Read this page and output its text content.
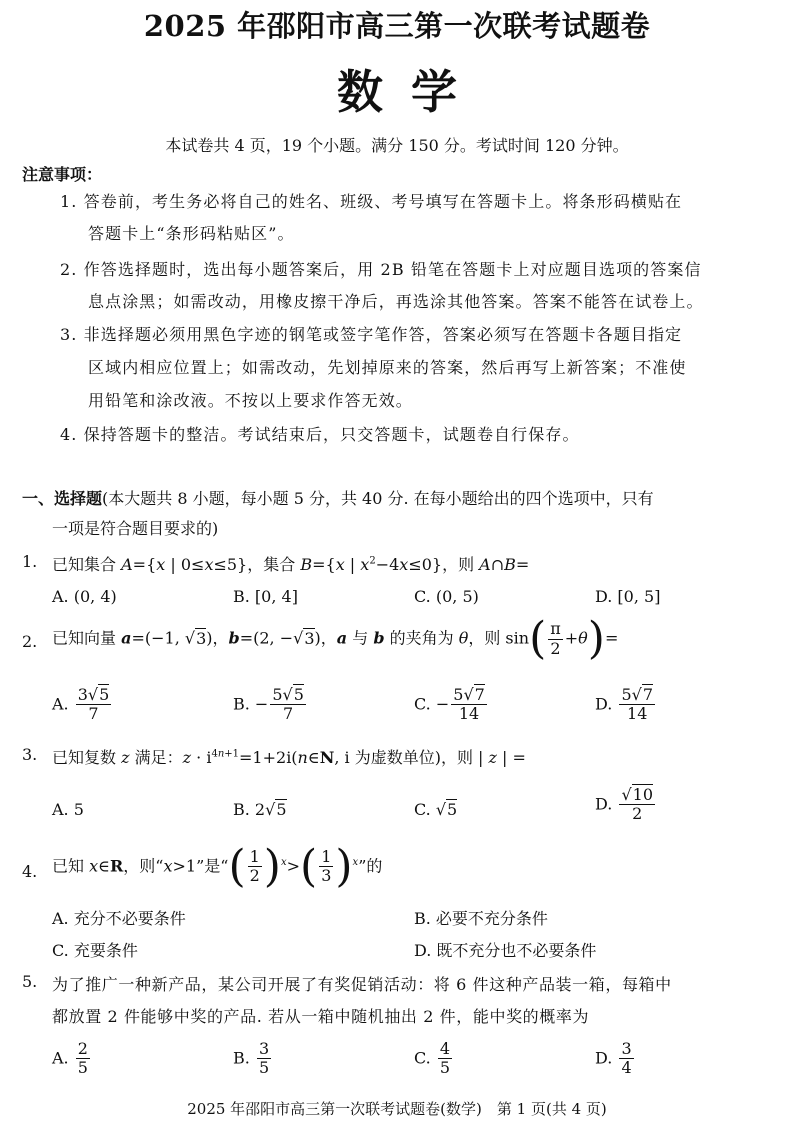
2025 年邵阳市高三第一次联考试题卷
数学
本试卷共 4 页，19 个小题。满分 150 分。考试时间 120 分钟。
注意事项：
1. 答卷前，考生务必将自己的姓名、班级、考号填写在答题卡上。将条形码横贴在
答题卡上“条形码粘贴区”。
2. 作答选择题时，选出每小题答案后，用 2B 铅笔在答题卡上对应题目选项的答案信
息点涂黑；如需改动，用橡皮擦干净后，再选涂其他答案。答案不能答在试卷上。
3. 非选择题必须用黑色字迹的钢笔或签字笔作答，答案必须写在答题卡各题目指定
区域内相应位置上；如需改动，先划掉原来的答案，然后再写上新答案；不准使
用铅笔和涂改液。不按以上要求作答无效。
4. 保持答题卡的整洁。考试结束后，只交答题卡，试题卷自行保存。
一、选择题(本大题共 8 小题，每小题 5 分，共 40 分. 在每小题给出的四个选项中，只有
一项是符合题目要求的)
1. 已知集合 A={x | 0≤x≤5}，集合 B={x | $x^2-4x\le 0$}，则 A∩B=
A. (0, 4)	B. [0, 4]	C. (0, 5)	D. [0, 5]
2. 已知向量 a=(−1, √3)，b=(2, −√3)，a 与 b 的夹角为 θ，则 $\sin( \frac{\pi}{2} +\theta)=$
A. $\frac{3√5}{7}$	B. − $\frac{5√5}{7}$	C. − $\frac{5√7}{14}$	D. $\frac{5√7}{14}$
3. 已知复数 z 满足：$z \cdot i^{4n+1}=1+2i(n\in N$, i 为虚数单位)，则 | z | =
A. 5	B. 2√5	C. √5	D. $\frac{√10}{2}$
4. 已知 x∈R，则“x>1”是“( $\frac{1}{2} )^x>( \frac{1}{3} )^x$”的
A. 充分不必要条件	B. 必要不充分条件
C. 充要条件	D. 既不充分也不必要条件
5. 为了推广一种新产品，某公司开展了有奖促销活动：将 6 件这种产品装一箱，每箱中
都放置 2 件能够中奖的产品. 若从一箱中随机抽出 2 件，能中奖的概率为
A. $\frac{2}{5}$	B. $\frac{3}{5}$	C. $\frac{4}{5}$	D. $\frac{3}{4}$
2025 年邵阳市高三第一次联考试题卷(数学)　第 1 页(共 4 页)
